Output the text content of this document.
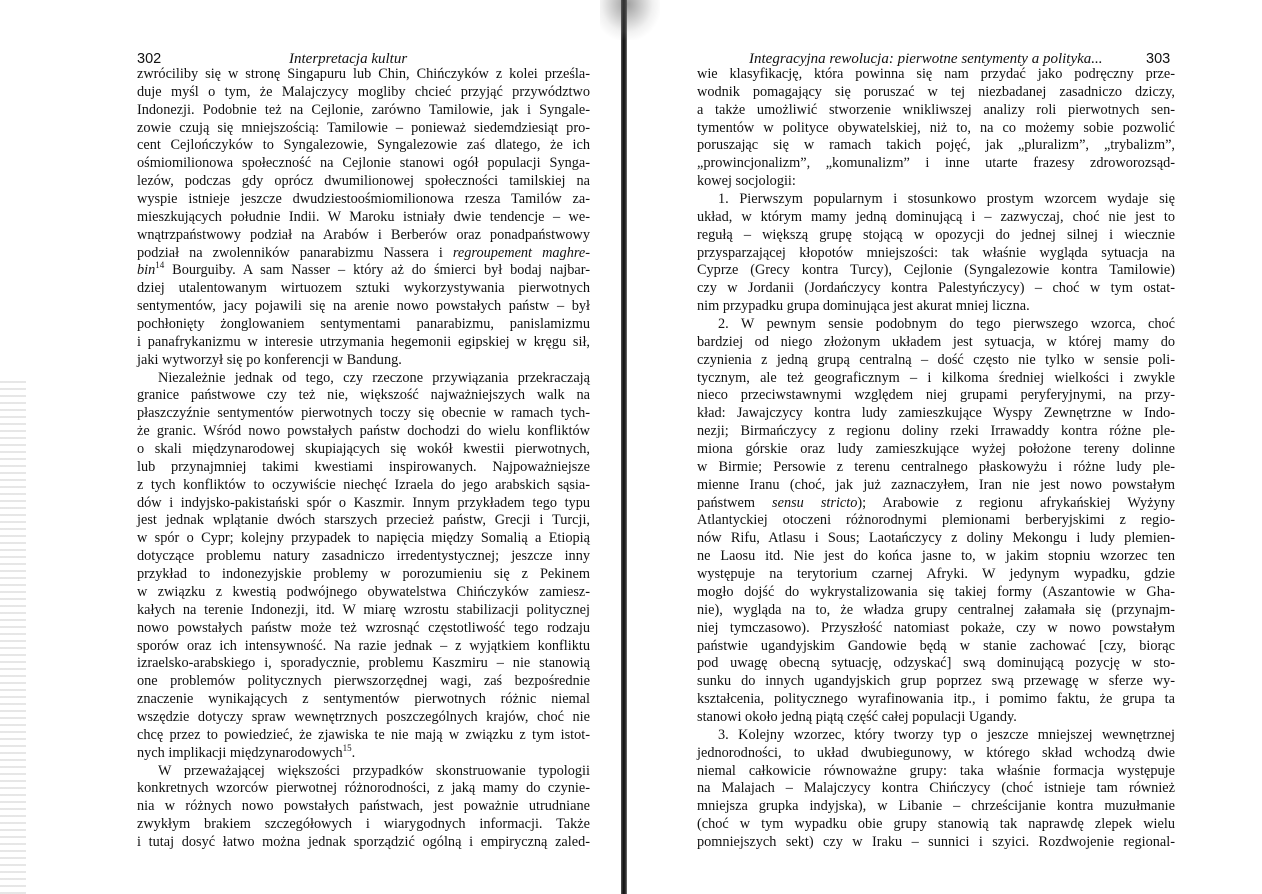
302	Interpretacja kultur
zwróciliby się w stronę Singapuru lub Chin, Chińczyków z kolei prześla-
duje myśl o tym, że Malajczycy mogliby chcieć przyjąć przywództwo
Indonezji. Podobnie też na Cejlonie, zarówno Tamilowie, jak i Syngale-
zowie czują się mniejszością: Tamilowie – ponieważ siedemdziesiąt pro-
cent Cejlończyków to Syngalezowie, Syngalezowie zaś dlatego, że ich
ośmiomilionowa społeczność na Cejlonie stanowi ogół populacji Synga-
lezów, podczas gdy oprócz dwumilionowej społeczności tamilskiej na
wyspie istnieje jeszcze dwudziestoośmiomilionowa rzesza Tamilów za-
mieszkujących południe Indii. W Maroku istniały dwie tendencje – we-
wnątrzpaństwowy podział na Arabów i Berberów oraz ponadpaństwowy
podział na zwolenników panarabizmu Nassera i regroupement maghre-
bin$^{14}$ Bourguiby. A sam Nasser – który aż do śmierci był bodaj najbar-
dziej utalentowanym wirtuozem sztuki wykorzystywania pierwotnych
sentymentów, jacy pojawili się na arenie nowo powstałych państw – był
pochłonięty żonglowaniem sentymentami panarabizmu, panislamizmu
i panafrykanizmu w interesie utrzymania hegemonii egipskiej w kręgu sił,
jaki wytworzył się po konferencji w Bandung.
Niezależnie jednak od tego, czy rzeczone przywiązania przekraczają
granice państwowe czy też nie, większość najważniejszych walk na
płaszczyźnie sentymentów pierwotnych toczy się obecnie w ramach tych-
że granic. Wśród nowo powstałych państw dochodzi do wielu konfliktów
o skali międzynarodowej skupiających się wokół kwestii pierwotnych,
lub przynajmniej takimi kwestiami inspirowanych. Najpoważniejsze
z tych konfliktów to oczywiście niechęć Izraela do jego arabskich sąsia-
dów i indyjsko-pakistański spór o Kaszmir. Innym przykładem tego typu
jest jednak wplątanie dwóch starszych przecież państw, Grecji i Turcji,
w spór o Cypr; kolejny przypadek to napięcia między Somalią a Etiopią
dotyczące problemu natury zasadniczo irredentystycznej; jeszcze inny
przykład to indonezyjskie problemy w porozumieniu się z Pekinem
w związku z kwestią podwójnego obywatelstwa Chińczyków zamiesz-
kałych na terenie Indonezji, itd. W miarę wzrostu stabilizacji politycznej
nowo powstałych państw może też wzrosnąć częstotliwość tego rodzaju
sporów oraz ich intensywność. Na razie jednak – z wyjątkiem konfliktu
izraelsko-arabskiego i, sporadycznie, problemu Kaszmiru – nie stanowią
one problemów politycznych pierwszorzędnej wagi, zaś bezpośrednie
znaczenie wynikających z sentymentów pierwotnych różnic niemal
wszędzie dotyczy spraw wewnętrznych poszczególnych krajów, choć nie
chcę przez to powiedzieć, że zjawiska te nie mają w związku z tym istot-
nych implikacji międzynarodowych$^{15}$.
W przeważającej większości przypadków skonstruowanie typologii
konkretnych wzorców pierwotnej różnorodności, z jaką mamy do czynie-
nia w różnych nowo powstałych państwach, jest poważnie utrudniane
zwykłym brakiem szczegółowych i wiarygodnych informacji. Także
i tutaj dosyć łatwo można jednak sporządzić ogólną i empiryczną zaled-
Integracyjna rewolucja: pierwotne sentymenty a polityka...	303
wie klasyfikację, która powinna się nam przydać jako podręczny prze-
wodnik pomagający się poruszać w tej niezbadanej zasadniczo dziczy,
a także umożliwić stworzenie wnikliwszej analizy roli pierwotnych sen-
tymentów w polityce obywatelskiej, niż to, na co możemy sobie pozwolić
poruszając się w ramach takich pojęć, jak „pluralizm”, „trybalizm”,
„prowincjonalizm”, „komunalizm” i inne utarte frazesy zdroworozsąd-
kowej socjologii:
1. Pierwszym popularnym i stosunkowo prostym wzorcem wydaje się
układ, w którym mamy jedną dominującą i – zazwyczaj, choć nie jest to
regułą – większą grupę stojącą w opozycji do jednej silnej i wiecznie
przysparzającej kłopotów mniejszości: tak właśnie wygląda sytuacja na
Cyprze (Grecy kontra Turcy), Cejlonie (Syngalezowie kontra Tamilowie)
czy w Jordanii (Jordańczycy kontra Palestyńczycy) – choć w tym ostat-
nim przypadku grupa dominująca jest akurat mniej liczna.
2. W pewnym sensie podobnym do tego pierwszego wzorca, choć
bardziej od niego złożonym układem jest sytuacja, w której mamy do
czynienia z jedną grupą centralną – dość często nie tylko w sensie poli-
tycznym, ale też geograficznym – i kilkoma średniej wielkości i zwykle
nieco przeciwstawnymi względem niej grupami peryferyjnymi, na przy-
kład: Jawajczycy kontra ludy zamieszkujące Wyspy Zewnętrzne w Indo-
nezji; Birmańczycy z regionu doliny rzeki Irrawaddy kontra różne ple-
miona górskie oraz ludy zamieszkujące wyżej położone tereny dolinne
w Birmie; Persowie z terenu centralnego płaskowyżu i różne ludy ple-
mienne Iranu (choć, jak już zaznaczyłem, Iran nie jest nowo powstałym
państwem sensu stricto); Arabowie z regionu afrykańskiej Wyżyny
Atlantyckiej otoczeni różnorodnymi plemionami berberyjskimi z regio-
nów Rifu, Atlasu i Sous; Laotańczycy z doliny Mekongu i ludy plemien-
ne Laosu itd. Nie jest do końca jasne to, w jakim stopniu wzorzec ten
występuje na terytorium czarnej Afryki. W jedynym wypadku, gdzie
mogło dojść do wykrystalizowania się takiej formy (Aszantowie w Gha-
nie), wygląda na to, że władza grupy centralnej załamała się (przynajm-
niej tymczasowo). Przyszłość natomiast pokaże, czy w nowo powstałym
państwie ugandyjskim Gandowie będą w stanie zachować [czy, biorąc
pod uwagę obecną sytuację, odzyskać] swą dominującą pozycję w sto-
sunku do innych ugandyjskich grup poprzez swą przewagę w sferze wy-
kształcenia, politycznego wyrafinowania itp., i pomimo faktu, że grupa ta
stanowi około jedną piątą część całej populacji Ugandy.
3. Kolejny wzorzec, który tworzy typ o jeszcze mniejszej wewnętrznej
jednorodności, to układ dwubiegunowy, w którego skład wchodzą dwie
niemal całkowicie równoważne grupy: taka właśnie formacja występuje
na Malajach – Malajczycy kontra Chińczycy (choć istnieje tam również
mniejsza grupka indyjska), w Libanie – chrześcijanie kontra muzułmanie
(choć w tym wypadku obie grupy stanowią tak naprawdę zlepek wielu
pomniejszych sekt) czy w Iraku – sunnici i szyici. Rozdwojenie regional-
